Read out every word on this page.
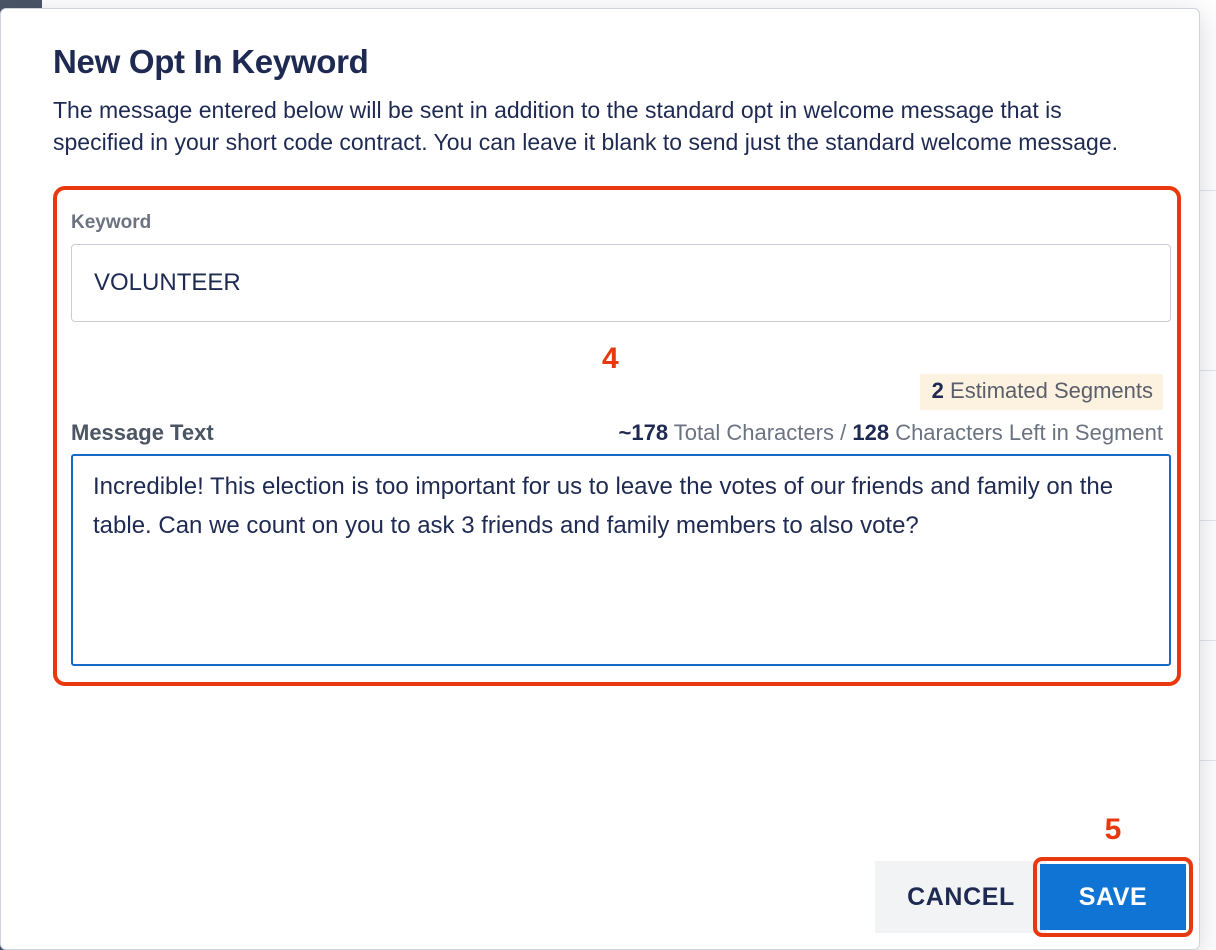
New Opt In Keyword

The message entered below will be sent in addition to the standard opt in welcome message that is specified in your short code contract. You can leave it blank to send just the standard welcome message.

Keyword
VOLUNTEER
4
2 Estimated Segments
Message Text	~178 Total Characters / 128 Characters Left in Segment
Incredible! This election is too important for us to leave the votes of our friends and family on the table. Can we count on you to ask 3 friends and family members to also vote?
CANCEL
5
SAVE
